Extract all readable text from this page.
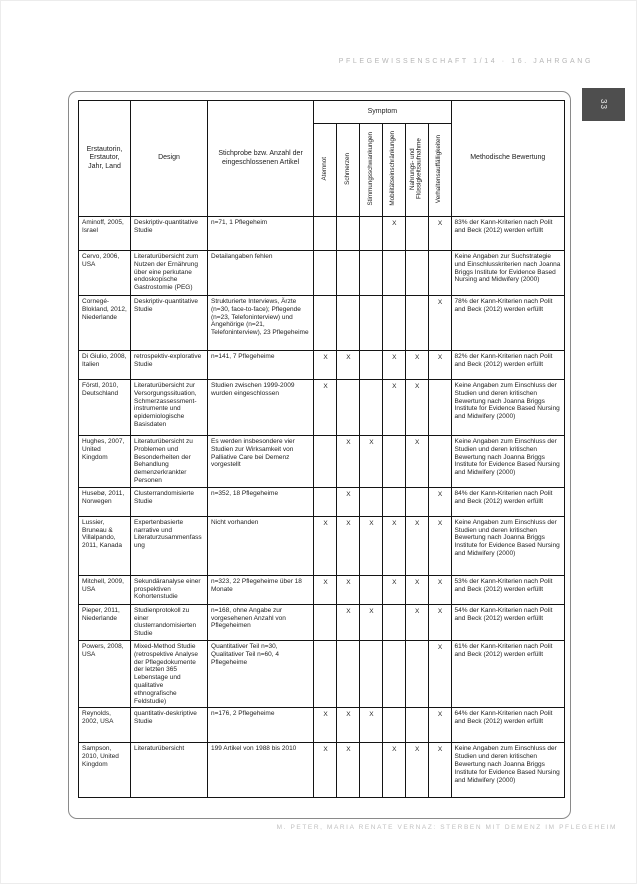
PFLEGEWISSENSCHAFT 1/14 · 16. JAHRGANG
33
Erstautorin, Erstautor, Jahr, Land	Design	Stichprobe bzw. Anzahl der eingeschlossenen Artikel	Symptom						Methodische Bewertung
			Atemnot	Schmerzen	Stimmungsschwankungen	Mobilitätseinschränkungen	Nahrungs- und Flüssigkeitsaufnahme	Verhaltensauffälligkeiten	
Aminoff, 2005, Israel	Deskriptiv-quantitative Studie	n=71, 1 Pflegeheim				X		X	83% der Kann-Kriterien nach Polit and Beck (2012) werden erfüllt
Cervo, 2006, USA	Literaturübersicht zum Nutzen der Ernährung über eine perkutane endoskopische Gastrostomie (PEG)	Detailangaben fehlen							Keine Angaben zur Suchstrategie und Einschlusskriterien nach Joanna Briggs Institute for Evidence Based Nursing and Midwifery (2000)
Cornegé-Blokland, 2012, Niederlande	Deskriptiv-quantitative Studie	Strukturierte Interviews, Ärzte (n=30, face-to-face); Pflegende (n=23, Telefoninterview) und Angehörige (n=21, Telefoninterview), 23 Pflegeheime						X	78% der Kann-Kriterien nach Polit and Beck (2012) werden erfüllt
Di Giulio, 2008, Italien	retrospektiv-explorative Studie	n=141, 7 Pflegeheime	X	X		X	X	X	82% der Kann-Kriterien nach Polit and Beck (2012) werden erfüllt
Förstl, 2010, Deutschland	Literaturübersicht zur Versorgungssituation, Schmerzassessmentinstrumente und epidemiologische Basisdaten	Studien zwischen 1999-2009 wurden eingeschlossen	X			X	X		Keine Angaben zum Einschluss der Studien und deren kritischen Bewertung nach Joanna Briggs Institute for Evidence Based Nursing and Midwifery (2000)
Hughes, 2007, United Kingdom	Literaturübersicht zu Problemen und Besonderheiten der Behandlung demenzerkrankter Personen	Es werden insbesondere vier Studien zur Wirksamkeit von Palliative Care bei Demenz vorgestellt		X	X		X		Keine Angaben zum Einschluss der Studien und deren kritischen Bewertung nach Joanna Briggs Institute for Evidence Based Nursing and Midwifery (2000)
Husebø, 2011, Norwegen	Clusterrandomisierte Studie	n=352, 18 Pflegeheime		X				X	84% der Kann-Kriterien nach Polit and Beck (2012) werden erfüllt
Lussier, Bruneau & Villalpando, 2011, Kanada	Expertenbasierte narrative und Literaturzusammenfassung	Nicht vorhanden	X	X	X	X	X	X	Keine Angaben zum Einschluss der Studien und deren kritischen Bewertung nach Joanna Briggs Institute for Evidence Based Nursing and Midwifery (2000)
Mitchell, 2009, USA	Sekundäranalyse einer prospektiven Kohortenstudie	n=323, 22 Pflegeheime über 18 Monate	X	X		X	X	X	53% der Kann-Kriterien nach Polit and Beck (2012) werden erfüllt
Pieper, 2011, Niederlande	Studienprotokoll zu einer clusterrandomisierten Studie	n=168, ohne Angabe zur vorgesehenen Anzahl von Pflegeheimen		X	X		X	X	54% der Kann-Kriterien nach Polit and Beck (2012) werden erfüllt
Powers, 2008, USA	Mixed-Method Studie (retrospektive Analyse der Pflegedokumente der letzten 365 Lebenstage und qualitative ethnografische Feldstudie)	Quantitativer Teil n=30, Qualitativer Teil n=60, 4 Pflegeheime						X	61% der Kann-Kriterien nach Polit and Beck (2012) werden erfüllt
Reynolds, 2002, USA	quantitativ-deskriptive Studie	n=176, 2 Pflegeheime	X	X	X			X	64% der Kann-Kriterien nach Polit and Beck (2012) werden erfüllt
Sampson, 2010, United Kingdom	Literaturübersicht	199 Artikel von 1988 bis 2010	X	X		X	X	X	Keine Angaben zum Einschluss der Studien und deren kritischen Bewertung nach Joanna Briggs Institute for Evidence Based Nursing and Midwifery (2000)
M. PETER, MARIA RENATE VERNAZ: STERBEN MIT DEMENZ IM PFLEGEHEIM
